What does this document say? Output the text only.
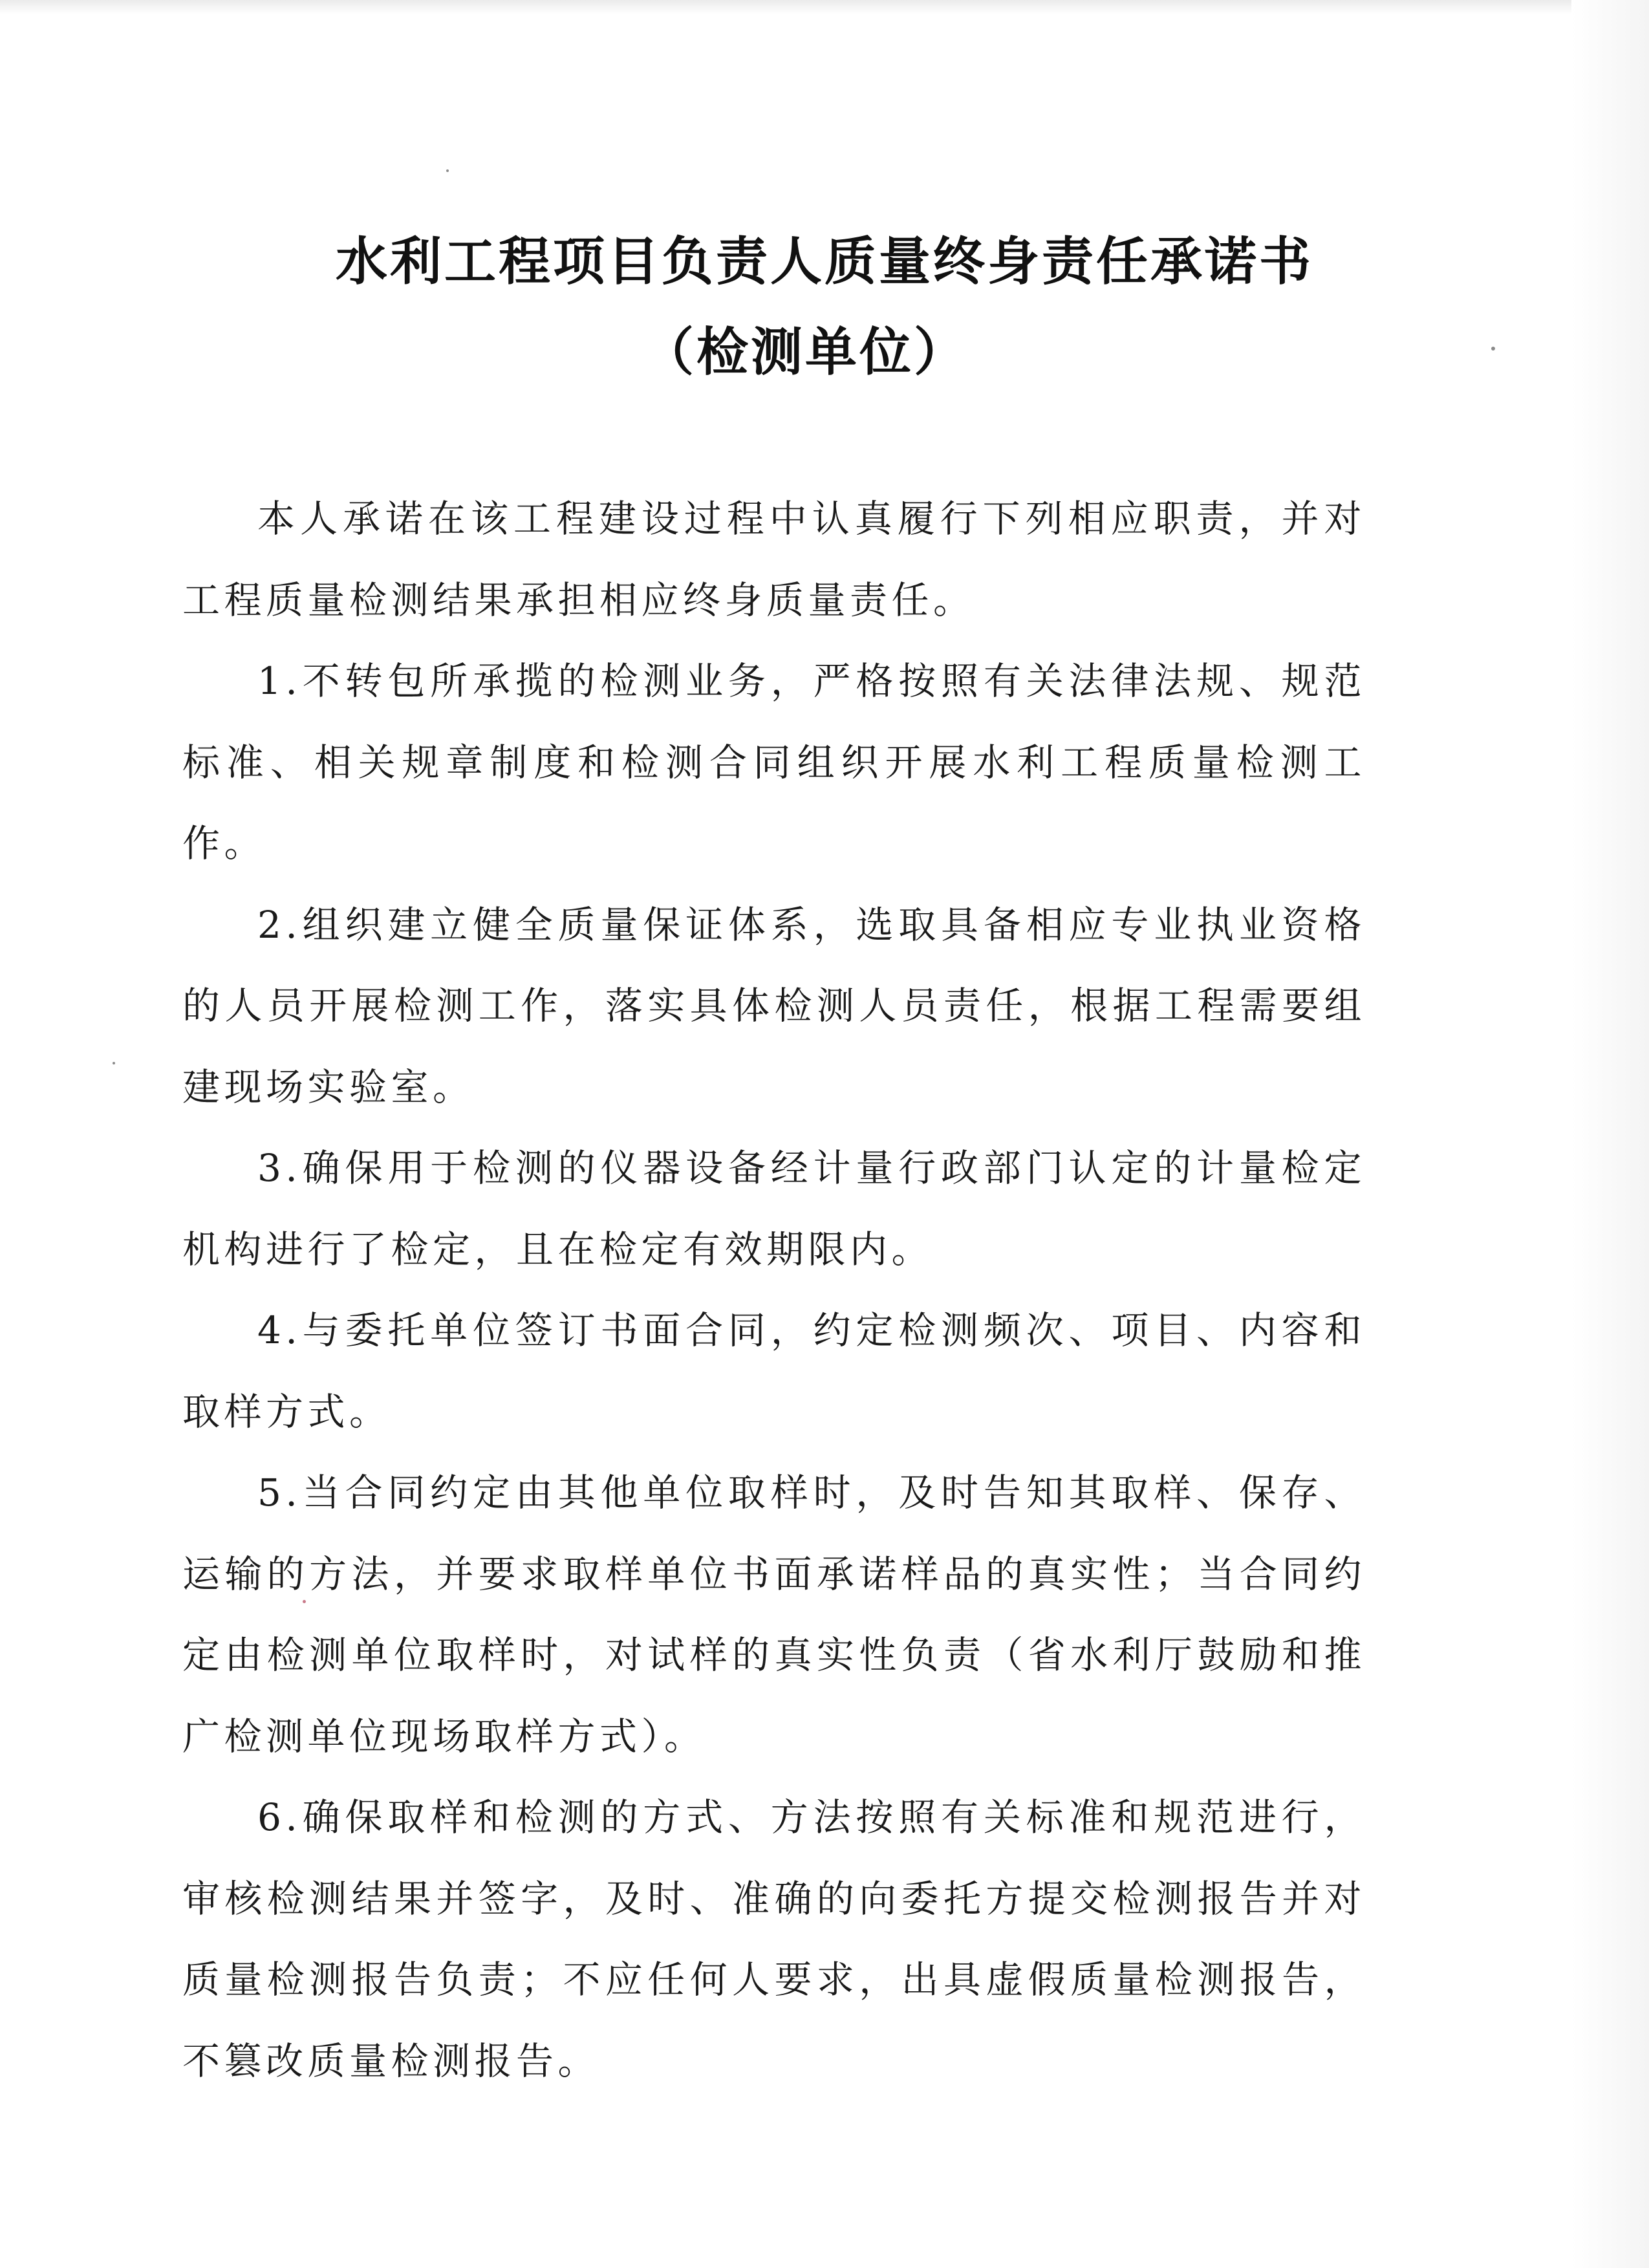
水利工程项目负责人质量终身责任承诺书
（检测单位）

本人承诺在该工程建设过程中认真履行下列相应职责，并对工程质量检测结果承担相应终身质量责任。

1.不转包所承揽的检测业务，严格按照有关法律法规、规范标准、相关规章制度和检测合同组织开展水利工程质量检测工作。

2.组织建立健全质量保证体系，选取具备相应专业执业资格的人员开展检测工作，落实具体检测人员责任，根据工程需要组建现场实验室。

3.确保用于检测的仪器设备经计量行政部门认定的计量检定机构进行了检定，且在检定有效期限内。

4.与委托单位签订书面合同，约定检测频次、项目、内容和取样方式。

5.当合同约定由其他单位取样时，及时告知其取样、保存、运输的方法，并要求取样单位书面承诺样品的真实性；当合同约定由检测单位取样时，对试样的真实性负责（省水利厅鼓励和推广检测单位现场取样方式）。

6.确保取样和检测的方式、方法按照有关标准和规范进行，审核检测结果并签字，及时、准确的向委托方提交检测报告并对质量检测报告负责；不应任何人要求，出具虚假质量检测报告，不篡改质量检测报告。
